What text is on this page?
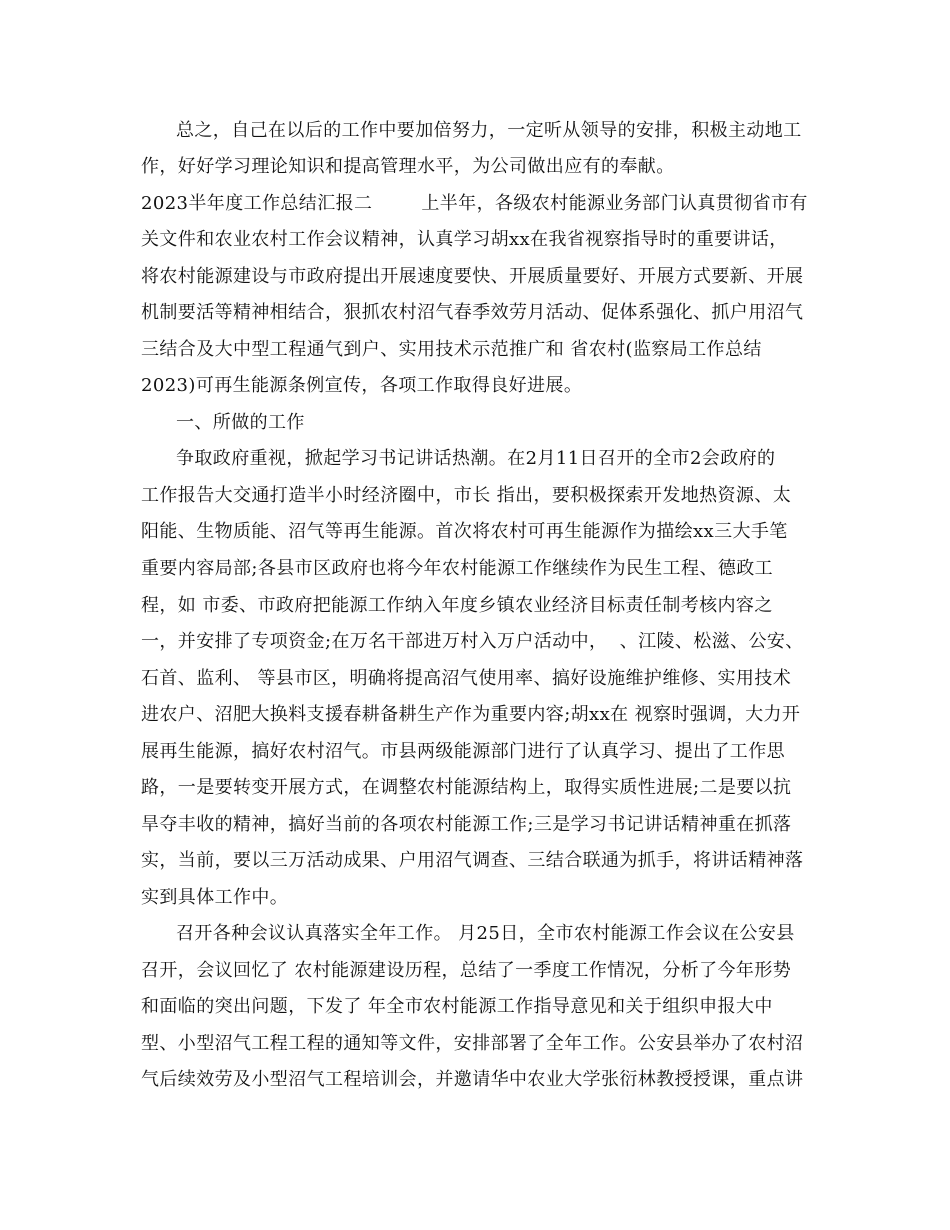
总之，自己在以后的工作中要加倍努力，一定听从领导的安排，积极主动地工
作，好好学习理论知识和提高管理水平，为公司做出应有的奉献。
2023半年度工作总结汇报二        上半年，各级农村能源业务部门认真贯彻省市有
关文件和农业农村工作会议精神，认真学习胡xx在我省视察指导时的重要讲话，
将农村能源建设与市政府提出开展速度要快、开展质量要好、开展方式要新、开展
机制要活等精神相结合，狠抓农村沼气春季效劳月活动、促体系强化、抓户用沼气
三结合及大中型工程通气到户、实用技术示范推广和 省农村(监察局工作总结
2023)可再生能源条例宣传，各项工作取得良好进展。
一、所做的工作
争取政府重视，掀起学习书记讲话热潮。在2月11日召开的全市2会政府的
工作报告大交通打造半小时经济圈中，市长 指出，要积极探索开发地热资源、太
阳能、生物质能、沼气等再生能源。首次将农村可再生能源作为描绘xx三大手笔
重要内容局部;各县市区政府也将今年农村能源工作继续作为民生工程、德政工
程，如 市委、市政府把能源工作纳入年度乡镇农业经济目标责任制考核内容之
一，并安排了专项资金;在万名干部进万村入万户活动中，  、江陵、松滋、公安、
石首、监利、 等县市区，明确将提高沼气使用率、搞好设施维护维修、实用技术
进农户、沼肥大换料支援春耕备耕生产作为重要内容;胡xx在 视察时强调，大力开
展再生能源，搞好农村沼气。市县两级能源部门进行了认真学习、提出了工作思
路，一是要转变开展方式，在调整农村能源结构上，取得实质性进展;二是要以抗
旱夺丰收的精神，搞好当前的各项农村能源工作;三是学习书记讲话精神重在抓落
实，当前，要以三万活动成果、户用沼气调查、三结合联通为抓手，将讲话精神落
实到具体工作中。
召开各种会议认真落实全年工作。 月25日，全市农村能源工作会议在公安县
召开，会议回忆了 农村能源建设历程，总结了一季度工作情况，分析了今年形势
和面临的突出问题，下发了 年全市农村能源工作指导意见和关于组织申报大中
型、小型沼气工程工程的通知等文件，安排部署了全年工作。公安县举办了农村沼
气后续效劳及小型沼气工程培训会，并邀请华中农业大学张衍林教授授课，重点讲
